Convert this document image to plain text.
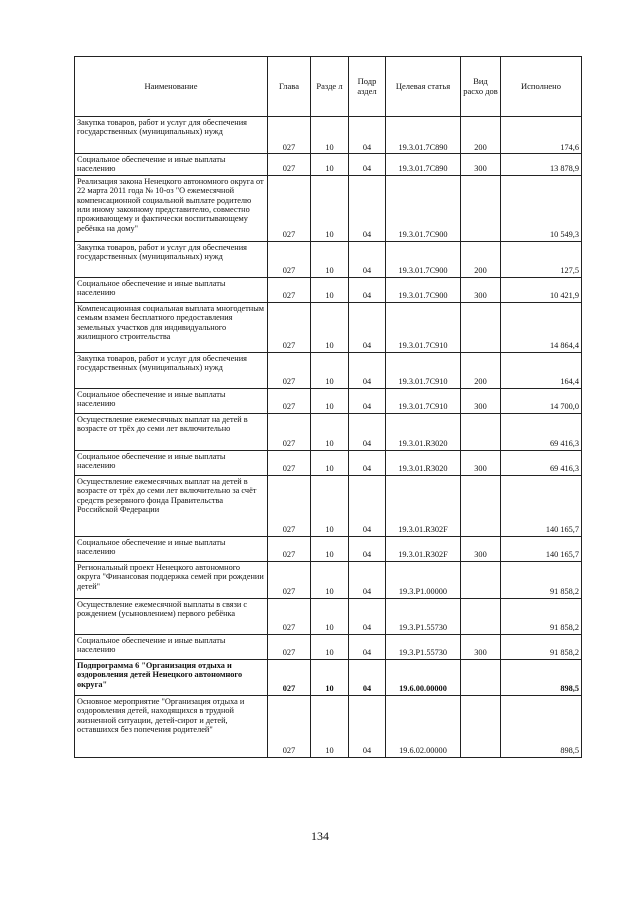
Наименование	Глава	Разде л	Подр аздел	Целевая статья	Вид расхо дов	Исполнено
Закупка товаров, работ и услуг для обеспечения государственных (муниципальных) нужд	027	10	04	19.3.01.7С890	200	174,6
Социальное обеспечение и иные выплаты населению	027	10	04	19.3.01.7С890	300	13 878,9
Реализация закона Ненецкого автономного округа от 22 марта 2011 года № 10-оз "О ежемесячной компенсационной социальной выплате родителю или иному законному представителю, совместно проживающему и фактически воспитывающему ребёнка на дому"	027	10	04	19.3.01.7С900		10 549,3
Закупка товаров, работ и услуг для обеспечения государственных (муниципальных) нужд	027	10	04	19.3.01.7С900	200	127,5
Социальное обеспечение и иные выплаты населению	027	10	04	19.3.01.7С900	300	10 421,9
Компенсационная социальная выплата многодетным семьям взамен бесплатного предоставления земельных участков для индивидуального жилищного строительства	027	10	04	19.3.01.7С910		14 864,4
Закупка товаров, работ и услуг для обеспечения государственных (муниципальных) нужд	027	10	04	19.3.01.7С910	200	164,4
Социальное обеспечение и иные выплаты населению	027	10	04	19.3.01.7С910	300	14 700,0
Осуществление ежемесячных выплат на детей в возрасте от трёх до семи лет включительно	027	10	04	19.3.01.R3020		69 416,3
Социальное обеспечение и иные выплаты населению	027	10	04	19.3.01.R3020	300	69 416,3
Осуществление ежемесячных выплат на детей в возрасте от трёх до семи лет включительно за счёт средств резервного фонда Правительства Российской Федерации	027	10	04	19.3.01.R302F		140 165,7
Социальное обеспечение и иные выплаты населению	027	10	04	19.3.01.R302F	300	140 165,7
Региональный проект Ненецкого автономного округа "Финансовая поддержка семей при рождении детей"	027	10	04	19.3.P1.00000		91 858,2
Осуществление ежемесячной выплаты в связи с рождением (усыновлением) первого ребёнка	027	10	04	19.3.P1.55730		91 858,2
Социальное обеспечение и иные выплаты населению	027	10	04	19.3.P1.55730	300	91 858,2
Подпрограмма 6 "Организация отдыха и оздоровления детей Ненецкого автономного округа"	027	10	04	19.6.00.00000		898,5
Основное мероприятие "Организация отдыха и оздоровления детей, находящихся в трудной жизненной ситуации, детей-сирот и детей, оставшихся без попечения родителей"	027	10	04	19.6.02.00000		898,5
134
